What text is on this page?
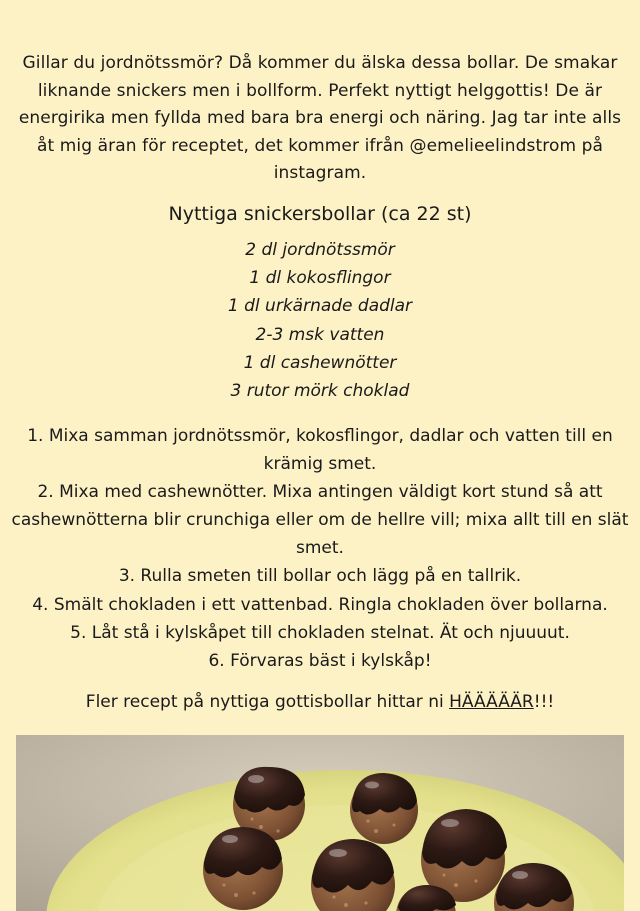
Gillar du jordnötssmör? Då kommer du älska dessa bollar. De smakar liknande snickers men i bollform. Perfekt nyttigt helggottis! De är energirika men fyllda med bara bra energi och näring. Jag tar inte alls åt mig äran för receptet, det kommer ifrån @emelieelindstrom på instagram.
Nyttiga snickersbollar (ca 22 st)
2 dl jordnötssmör
1 dl kokosflingor
1 dl urkärnade dadlar
2-3 msk vatten
1 dl cashewnötter
3 rutor mörk choklad
1. Mixa samman jordnötssmör, kokosflingor, dadlar och vatten till en krämig smet.
2. Mixa med cashewnötter. Mixa antingen väldigt kort stund så att cashewnötterna blir crunchiga eller om de hellre vill; mixa allt till en slät smet.
3. Rulla smeten till bollar och lägg på en tallrik.
4. Smält chokladen i ett vattenbad. Ringla chokladen över bollarna.
5. Låt stå i kylskåpet till chokladen stelnat. Ät och njuuuut.
6. Förvaras bäst i kylskåp!
Fler recept på nyttiga gottisbollar hittar ni HÄÄÄÄÄR!!!
